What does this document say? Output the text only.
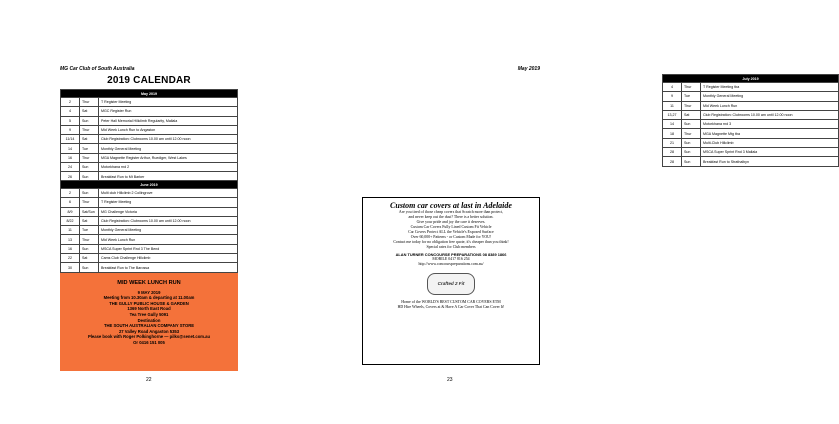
MG Car Club of South Australia
2019 CALENDAR
May 2019		
2	Thur	T Register Meeting
4	Sat	MGC Register Run
5	Sun	Peter Hall Memorial Hillclimb Regularity, Mallala
9	Thur	Mid Week Lunch Run to Angaston
11/14	Sat	Club Registration: Clubrooms 10.00 am until 12.00 noon
14	Tue	Monthly General Meeting
16	Thur	MGA Magnette Register Arthur, Ruediger, West Lakes
24	Sun	Motorkhana rnd 2
26	Sun	Breakfast Run to Mt Barker
June 2019		
2	Sun	Multi club Hillclimb 2 Collingrove
6	Thur	T Register Meeting
8/9	Sat/Sun	MG Challenge Victoria
8/22	Sat	Club Registration: Clubrooms 10.00 am until 12.00 noon
11	Tue	Monthly General Meeting
13	Thur	Mid Week Lunch Run
16	Sun	MSCA Super Sprint Rnd 3 The Bend
22	Sat	Cams Club Challenge Hillclimb
30	Sun	Breakfast Run to The Barossa
MID WEEK LUNCH RUN
9 MAY 2019
Meeting from 10.30am & departing at 11.00am
THE GULLY PUBLIC HOUSE & GARDEN
1369 North East Road
Tea Tree Gully 5091
Destination
THE SOUTH AUSTRALIAN COMPANY STORE
27 Valley Road Angaston 5353
Please book with Roger Polkinghorne — pilks@senet.com.au
Or 0416 151 005
22
May 2019
July 2019		
4	Thur	T Register Meeting tba
9	Tue	Monthly General Meeting
11	Thur	Mid Week Lunch Run
13,27	Sat	Club Registration: Clubrooms 10.00 am until 12.00 noon
14	Sun	Motorkhana rnd 3
18	Thur	MGA Magnette Mtg tba
21	Sun	Multi-Club Hillclimb
28	Sun	MSCA Super Sprint Rnd 3 Mallala
28	Sun	Breakfast Run to Strathalbyn
Custom car covers at last in Adelaide
Are you tired of those cheap covers that Scratch more than protect,
and never keep out the dust? There is a better solution.
Give your pride and joy the care it deserves.
Custom Car Covers Fully Lined Custom Fit Vehicle
Car Covers Protect ALL the Vehicle's Exposed Surface
Over 60,000+ Patterns - or Custom Made for YOU!
Contact me today for no obligation free quote, it's cheaper than you think!
Special rates for Club members
ALAN TURNER CONCOURSE PREPARATIONS 08 8389 1866
MOBILE 0417 816 254
http://www.concourspreparations.com.au/
Crafted 2 Fit
Home of the WORLD'S BEST CUSTOM CAR COVERS ETM
HD Hire Wheels, Covers at & Have A Car Cover That Can Cover It!
23
